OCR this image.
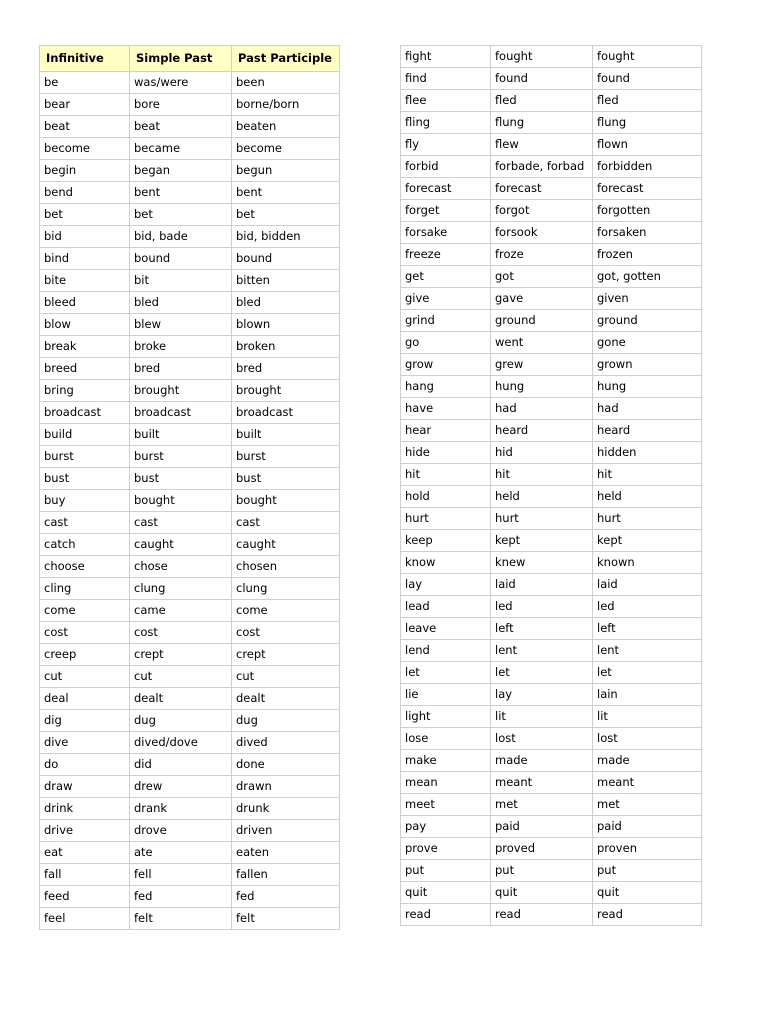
Infinitive	Simple Past	Past Participle
be	was/were	been
bear	bore	borne/born
beat	beat	beaten
become	became	become
begin	began	begun
bend	bent	bent
bet	bet	bet
bid	bid, bade	bid, bidden
bind	bound	bound
bite	bit	bitten
bleed	bled	bled
blow	blew	blown
break	broke	broken
breed	bred	bred
bring	brought	brought
broadcast	broadcast	broadcast
build	built	built
burst	burst	burst
bust	bust	bust
buy	bought	bought
cast	cast	cast
catch	caught	caught
choose	chose	chosen
cling	clung	clung
come	came	come
cost	cost	cost
creep	crept	crept
cut	cut	cut
deal	dealt	dealt
dig	dug	dug
dive	dived/dove	dived
do	did	done
draw	drew	drawn
drink	drank	drunk
drive	drove	driven
eat	ate	eaten
fall	fell	fallen
feed	fed	fed
feel	felt	felt
fight	fought	fought
find	found	found
flee	fled	fled
fling	flung	flung
fly	flew	flown
forbid	forbade, forbad	forbidden
forecast	forecast	forecast
forget	forgot	forgotten
forsake	forsook	forsaken
freeze	froze	frozen
get	got	got, gotten
give	gave	given
grind	ground	ground
go	went	gone
grow	grew	grown
hang	hung	hung
have	had	had
hear	heard	heard
hide	hid	hidden
hit	hit	hit
hold	held	held
hurt	hurt	hurt
keep	kept	kept
know	knew	known
lay	laid	laid
lead	led	led
leave	left	left
lend	lent	lent
let	let	let
lie	lay	lain
light	lit	lit
lose	lost	lost
make	made	made
mean	meant	meant
meet	met	met
pay	paid	paid
prove	proved	proven
put	put	put
quit	quit	quit
read	read	read
